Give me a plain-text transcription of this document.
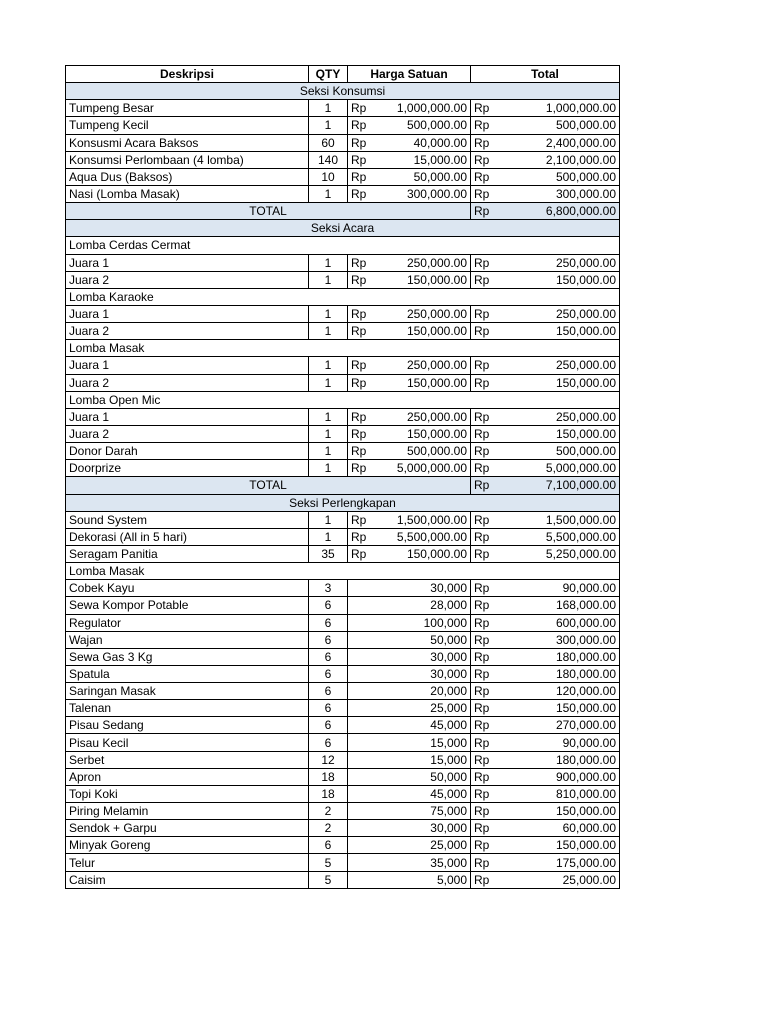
Deskripsi	QTY	Harga Satuan		Total	
Seksi Konsumsi					
Tumpeng Besar	1	Rp	1,000,000.00	Rp	1,000,000.00
Tumpeng Kecil	1	Rp	500,000.00	Rp	500,000.00
Konsusmi Acara Baksos	60	Rp	40,000.00	Rp	2,400,000.00
Konsumsi Perlombaan (4 lomba)	140	Rp	15,000.00	Rp	2,100,000.00
Aqua Dus (Baksos)	10	Rp	50,000.00	Rp	500,000.00
Nasi (Lomba Masak)	1	Rp	300,000.00	Rp	300,000.00
TOTAL				Rp	6,800,000.00
Seksi Acara					
Lomba Cerdas Cermat					
Juara 1	1	Rp	250,000.00	Rp	250,000.00
Juara 2	1	Rp	150,000.00	Rp	150,000.00
Lomba Karaoke					
Juara 1	1	Rp	250,000.00	Rp	250,000.00
Juara 2	1	Rp	150,000.00	Rp	150,000.00
Lomba Masak					
Juara 1	1	Rp	250,000.00	Rp	250,000.00
Juara 2	1	Rp	150,000.00	Rp	150,000.00
Lomba Open Mic					
Juara 1	1	Rp	250,000.00	Rp	250,000.00
Juara 2	1	Rp	150,000.00	Rp	150,000.00
Donor Darah	1	Rp	500,000.00	Rp	500,000.00
Doorprize	1	Rp	5,000,000.00	Rp	5,000,000.00
TOTAL				Rp	7,100,000.00
Seksi Perlengkapan					
Sound System	1	Rp	1,500,000.00	Rp	1,500,000.00
Dekorasi (All in 5 hari)	1	Rp	5,500,000.00	Rp	5,500,000.00
Seragam Panitia	35	Rp	150,000.00	Rp	5,250,000.00
Lomba Masak					
Cobek Kayu	3	30,000		Rp	90,000.00
Sewa Kompor Potable	6	28,000		Rp	168,000.00
Regulator	6	100,000		Rp	600,000.00
Wajan	6	50,000		Rp	300,000.00
Sewa Gas 3 Kg	6	30,000		Rp	180,000.00
Spatula	6	30,000		Rp	180,000.00
Saringan Masak	6	20,000		Rp	120,000.00
Talenan	6	25,000		Rp	150,000.00
Pisau Sedang	6	45,000		Rp	270,000.00
Pisau Kecil	6	15,000		Rp	90,000.00
Serbet	12	15,000		Rp	180,000.00
Apron	18	50,000		Rp	900,000.00
Topi Koki	18	45,000		Rp	810,000.00
Piring Melamin	2	75,000		Rp	150,000.00
Sendok + Garpu	2	30,000		Rp	60,000.00
Minyak Goreng	6	25,000		Rp	150,000.00
Telur	5	35,000		Rp	175,000.00
Caisim	5	5,000		Rp	25,000.00
